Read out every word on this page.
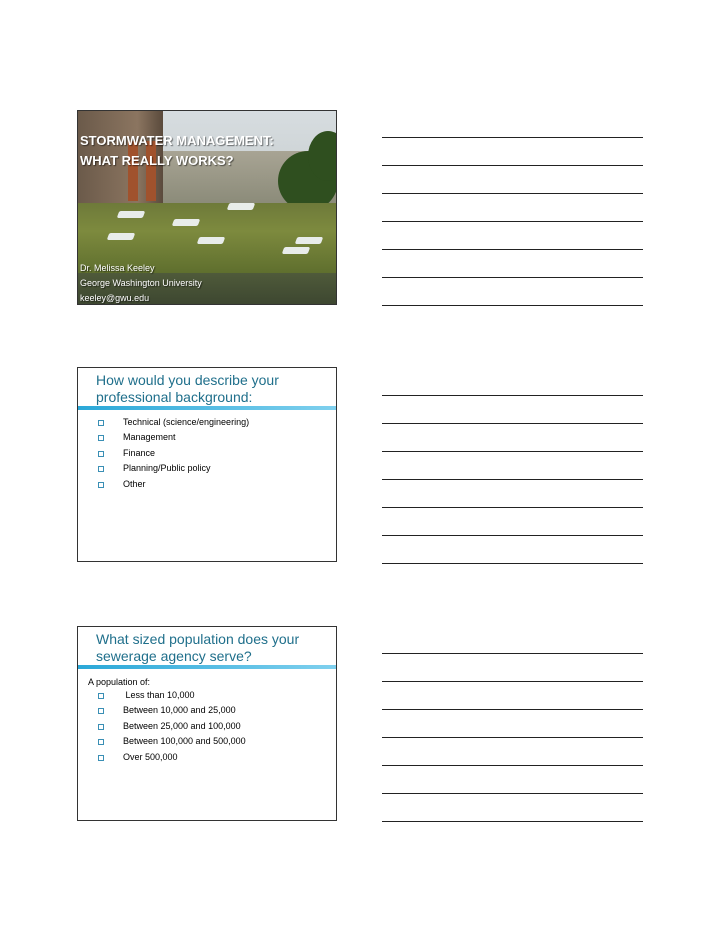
STORMWATER MANAGEMENT:
WHAT REALLY WORKS?

Dr. Melissa Keeley
George Washington University
keeley@gwu.edu

How would you describe your professional background:

Technical (science/engineering)
Management
Finance
Planning/Public policy
Other

What sized population does your sewerage agency serve?

A population of:

Less than 10,000
Between 10,000 and 25,000
Between 25,000 and 100,000
Between 100,000 and 500,000
Over 500,000
